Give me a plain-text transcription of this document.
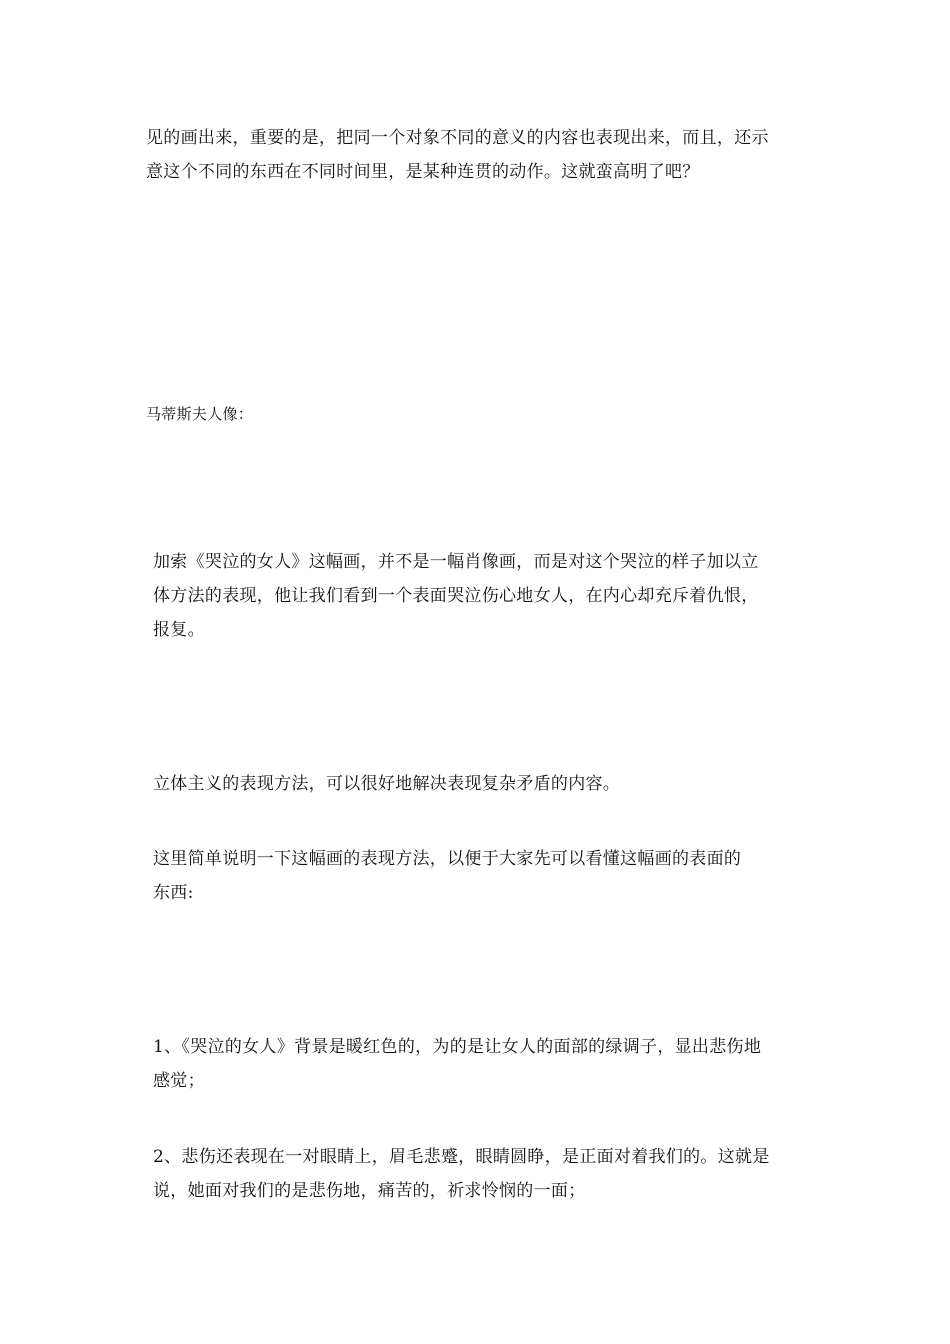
见的画出来，重要的是，把同一个对象不同的意义的内容也表现出来，而且，还示
意这个不同的东西在不同时间里，是某种连贯的动作。这就蛮高明了吧？
马蒂斯夫人像：
加索《哭泣的女人》这幅画，并不是一幅肖像画，而是对这个哭泣的样子加以立
体方法的表现，他让我们看到一个表面哭泣伤心地女人，在内心却充斥着仇恨，
报复。
立体主义的表现方法，可以很好地解决表现复杂矛盾的内容。
这里简单说明一下这幅画的表现方法，以便于大家先可以看懂这幅画的表面的
东西:
1、《哭泣的女人》背景是暖红色的，为的是让女人的面部的绿调子，显出悲伤地
感觉；
2、悲伤还表现在一对眼睛上，眉毛悲蹙，眼睛圆睁，是正面对着我们的。这就是
说，她面对我们的是悲伤地，痛苦的，祈求怜悯的一面；
